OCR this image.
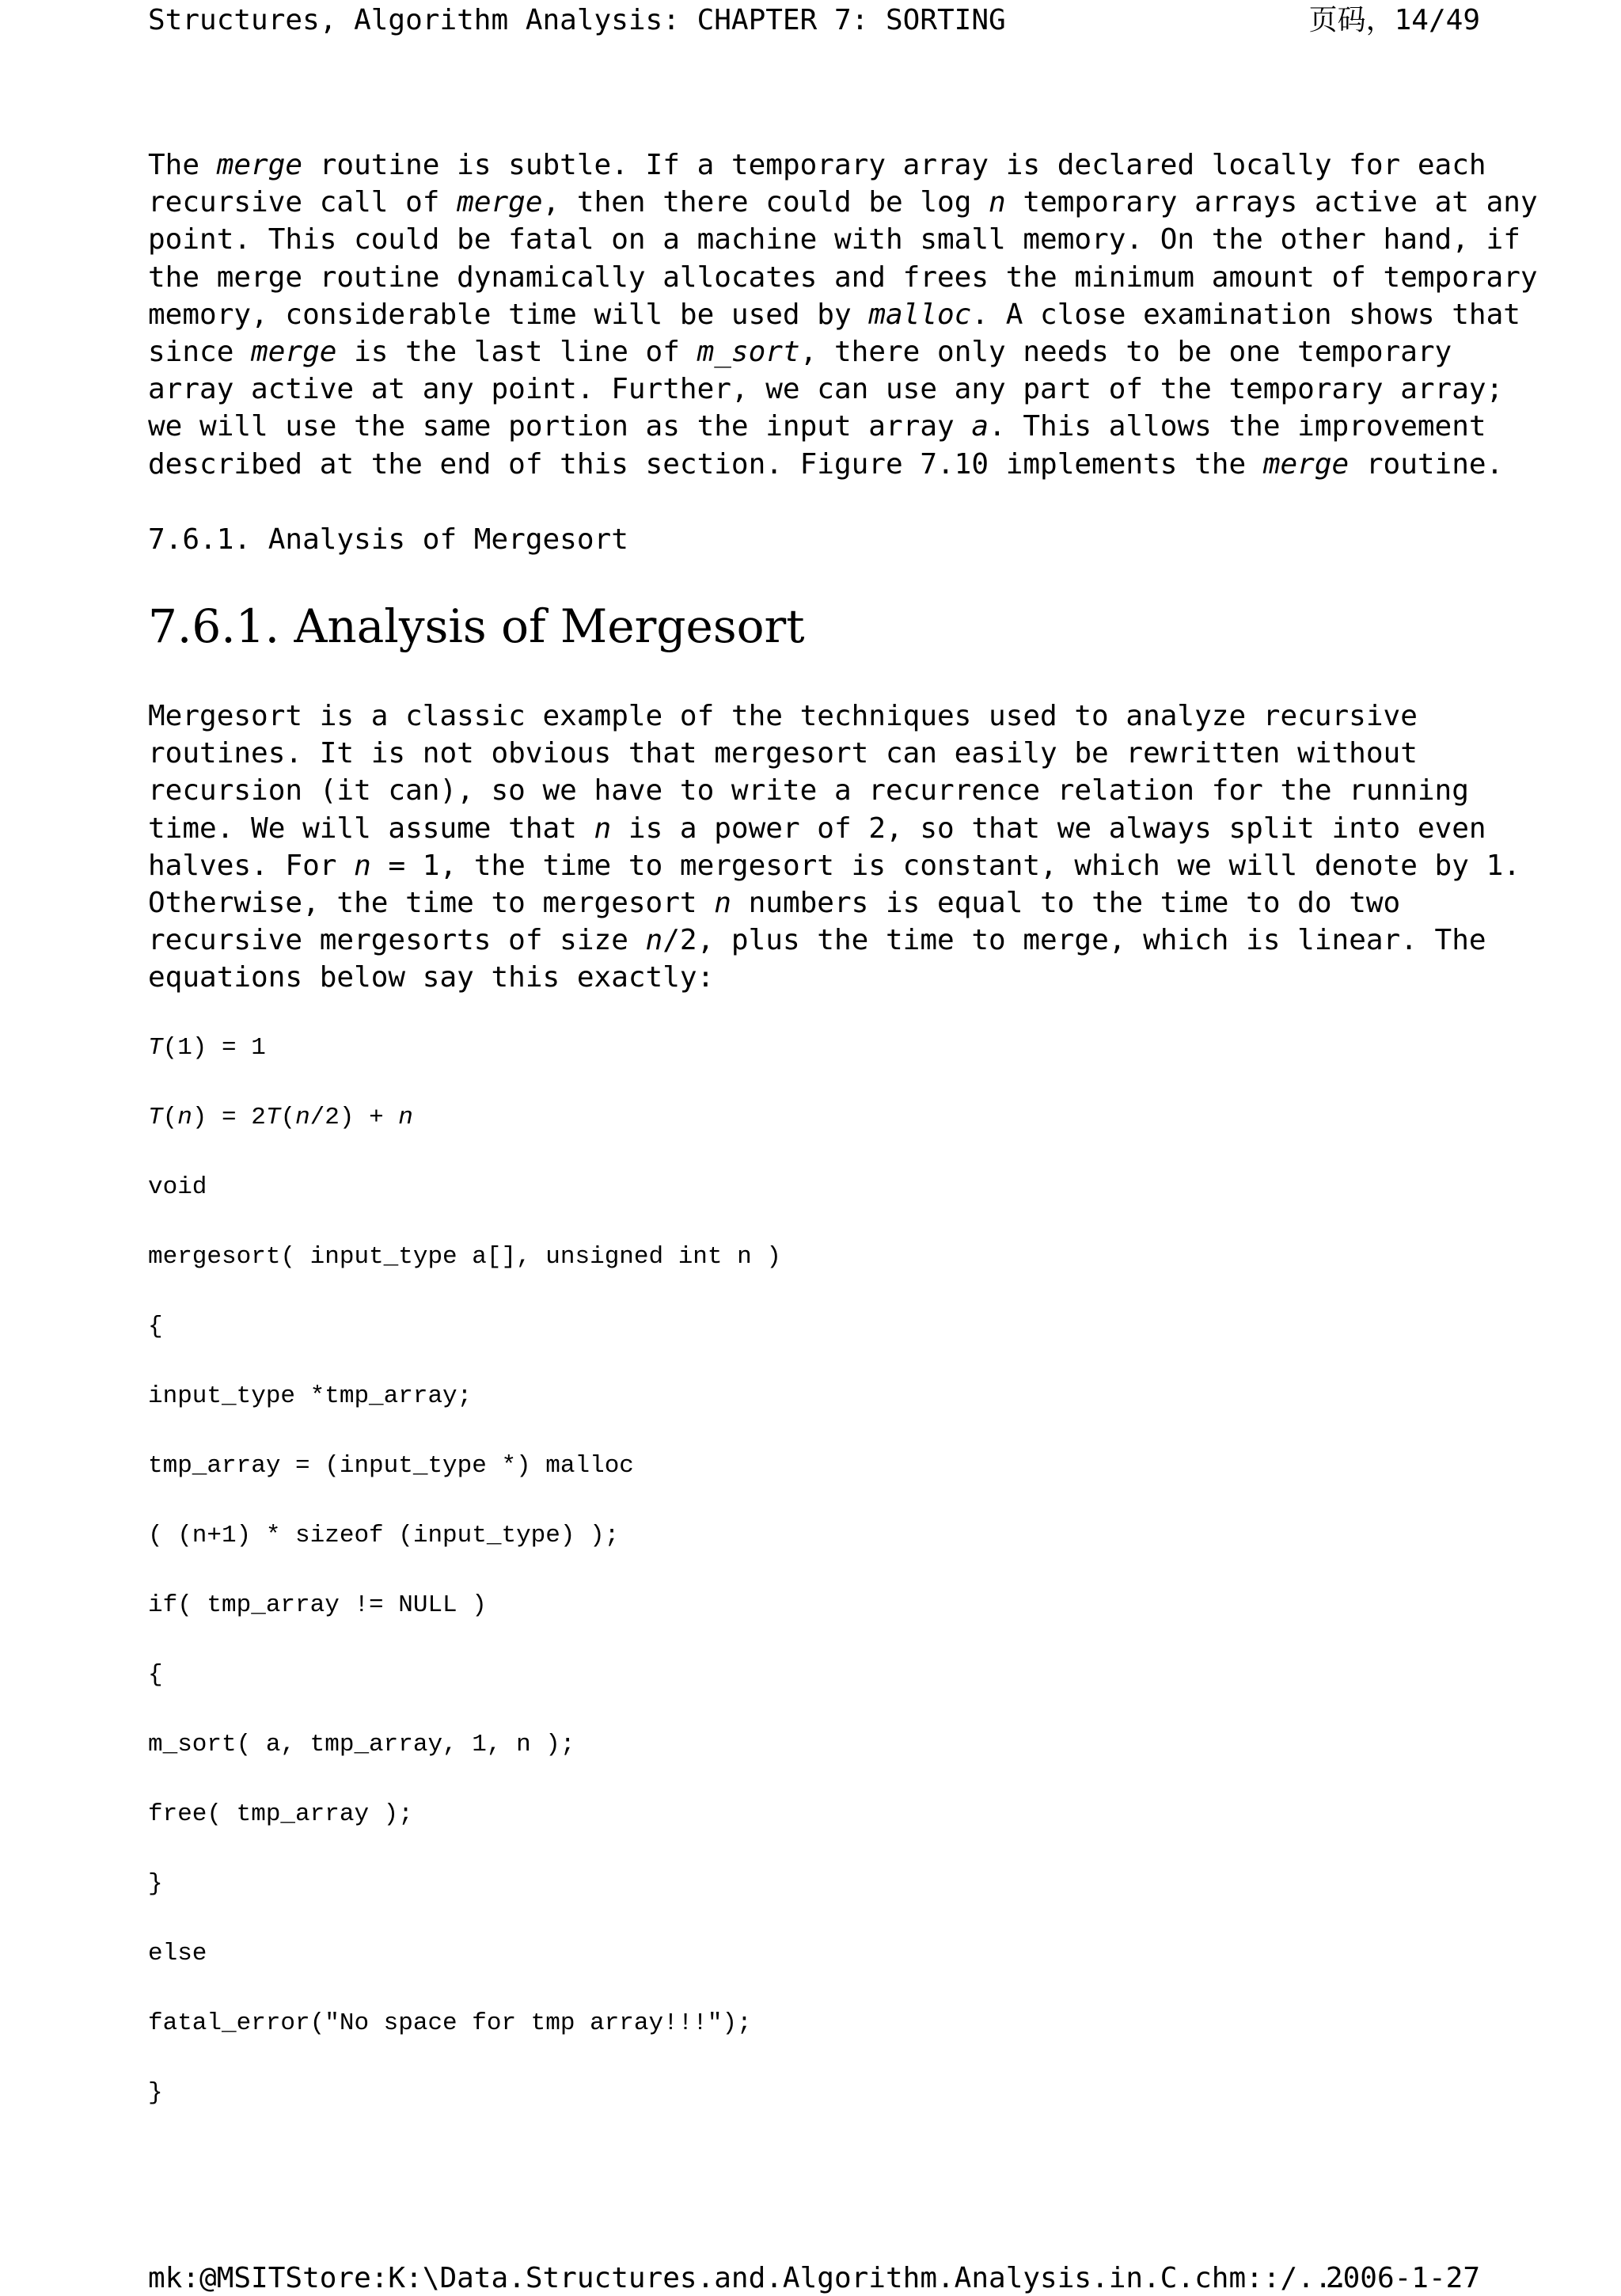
Structures, Algorithm Analysis: CHAPTER 7: SORTING	页码，14/49
The merge routine is subtle. If a temporary array is declared locally for each
recursive call of merge, then there could be log n temporary arrays active at any
point. This could be fatal on a machine with small memory. On the other hand, if
the merge routine dynamically allocates and frees the minimum amount of temporary
memory, considerable time will be used by malloc. A close examination shows that
since merge is the last line of m_sort, there only needs to be one temporary
array active at any point. Further, we can use any part of the temporary array;
we will use the same portion as the input array a. This allows the improvement
described at the end of this section. Figure 7.10 implements the merge routine.
7.6.1. Analysis of Mergesort
7.6.1. Analysis of Mergesort
Mergesort is a classic example of the techniques used to analyze recursive
routines. It is not obvious that mergesort can easily be rewritten without
recursion (it can), so we have to write a recurrence relation for the running
time. We will assume that n is a power of 2, so that we always split into even
halves. For n = 1, the time to mergesort is constant, which we will denote by 1.
Otherwise, the time to mergesort n numbers is equal to the time to do two
recursive mergesorts of size n/2, plus the time to merge, which is linear. The
equations below say this exactly:
T(1) = 1
T(n) = 2T(n/2) + n
void
mergesort( input_type a[], unsigned int n )
{
input_type *tmp_array;
tmp_array = (input_type *) malloc
( (n+1) * sizeof (input_type) );
if( tmp_array != NULL )
{
m_sort( a, tmp_array, 1, n );
free( tmp_array );
}
else
fatal_error("No space for tmp array!!!");
}
mk:@MSITStore:K:\Data.Structures.and.Algorithm.Analysis.in.C.chm::/...
2006-1-27
